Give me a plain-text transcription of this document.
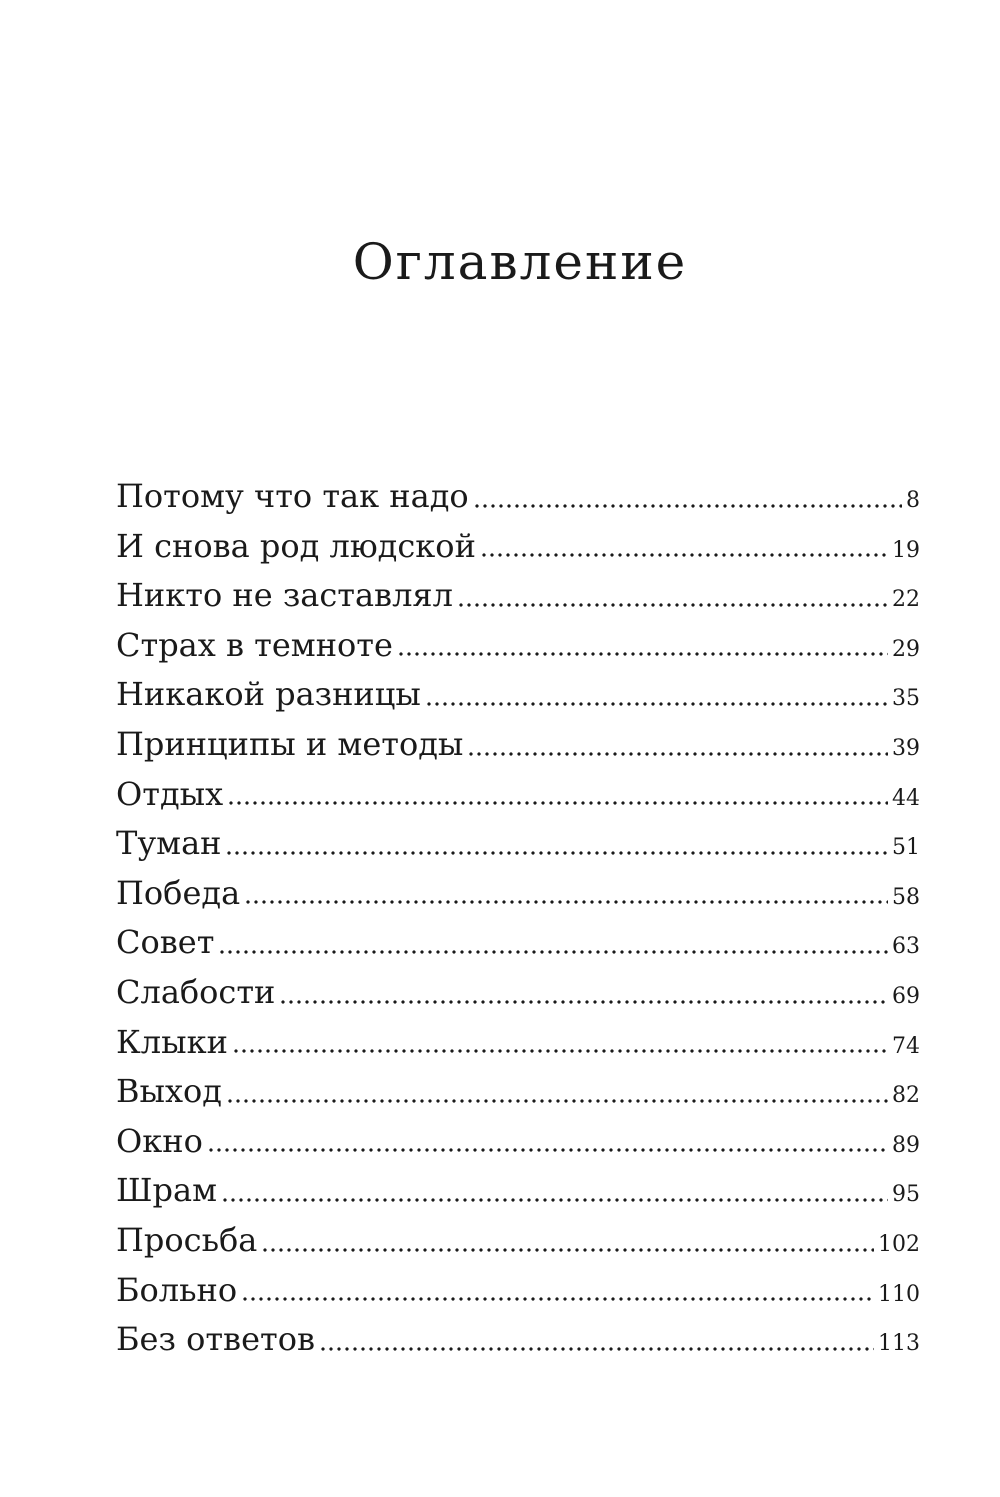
Оглавление
Потому что так надо	8
И снова род людской	19
Никто не заставлял	22
Страх в темноте	29
Никакой разницы	35
Принципы и методы	39
Отдых	44
Туман	51
Победа	58
Совет	63
Слабости	69
Клыки	74
Выход	82
Окно	89
Шрам	95
Просьба	102
Больно	110
Без ответов	113
